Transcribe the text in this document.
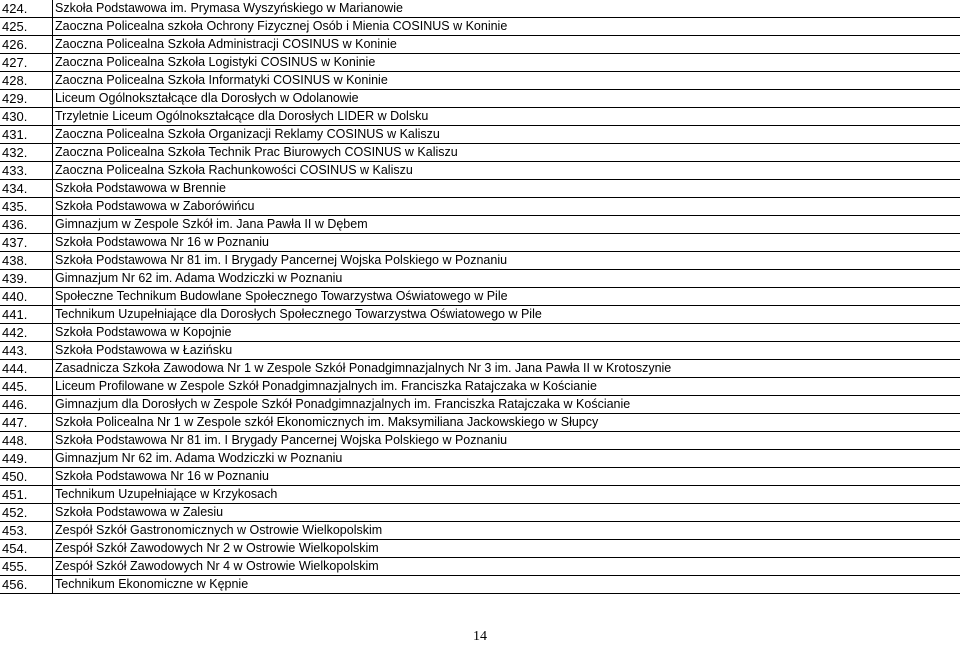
424.	Szkoła Podstawowa im. Prymasa Wyszyńskiego w Marianowie
425.	Zaoczna Policealna szkoła Ochrony Fizycznej Osób i Mienia COSINUS w Koninie
426.	Zaoczna Policealna Szkoła Administracji COSINUS w Koninie
427.	Zaoczna Policealna Szkoła Logistyki COSINUS w Koninie
428.	Zaoczna Policealna Szkoła Informatyki COSINUS w Koninie
429.	Liceum Ogólnokształcące dla Dorosłych w Odolanowie
430.	Trzyletnie Liceum Ogólnokształcące dla Dorosłych LIDER w Dolsku
431.	Zaoczna Policealna Szkoła Organizacji Reklamy COSINUS w Kaliszu
432.	Zaoczna Policealna Szkoła Technik Prac Biurowych COSINUS w Kaliszu
433.	Zaoczna Policealna Szkoła Rachunkowości COSINUS w Kaliszu
434.	Szkoła Podstawowa w Brennie
435.	Szkoła Podstawowa w Zaborówińcu
436.	Gimnazjum w Zespole Szkół im. Jana Pawła II w Dębem
437.	Szkoła Podstawowa Nr 16 w Poznaniu
438.	Szkoła Podstawowa Nr 81 im. I Brygady Pancernej Wojska Polskiego w Poznaniu
439.	Gimnazjum Nr 62 im. Adama Wodziczki w Poznaniu
440.	Społeczne Technikum Budowlane Społecznego Towarzystwa Oświatowego w Pile
441.	Technikum Uzupełniające dla Dorosłych Społecznego Towarzystwa Oświatowego w Pile
442.	Szkoła Podstawowa w Kopojnie
443.	Szkoła Podstawowa w Łazińsku
444.	Zasadnicza Szkoła Zawodowa Nr 1 w Zespole Szkół Ponadgimnazjalnych Nr 3 im. Jana Pawła II w Krotoszynie
445.	Liceum Profilowane w Zespole Szkół Ponadgimnazjalnych im. Franciszka Ratajczaka w Kościanie
446.	Gimnazjum dla Dorosłych w Zespole Szkół Ponadgimnazjalnych im. Franciszka Ratajczaka w Kościanie
447.	Szkoła Policealna Nr 1 w Zespole szkół Ekonomicznych im. Maksymiliana Jackowskiego w Słupcy
448.	Szkoła Podstawowa Nr 81 im. I Brygady Pancernej Wojska Polskiego w Poznaniu
449.	Gimnazjum Nr 62 im. Adama Wodziczki w Poznaniu
450.	Szkoła Podstawowa Nr 16 w Poznaniu
451.	Technikum Uzupełniające w Krzykosach
452.	Szkoła Podstawowa w Zalesiu
453.	Zespół Szkół Gastronomicznych w Ostrowie Wielkopolskim
454.	Zespół Szkół Zawodowych Nr 2 w Ostrowie Wielkopolskim
455.	Zespół Szkół Zawodowych Nr 4 w Ostrowie Wielkopolskim
456.	Technikum Ekonomiczne w Kępnie
14
